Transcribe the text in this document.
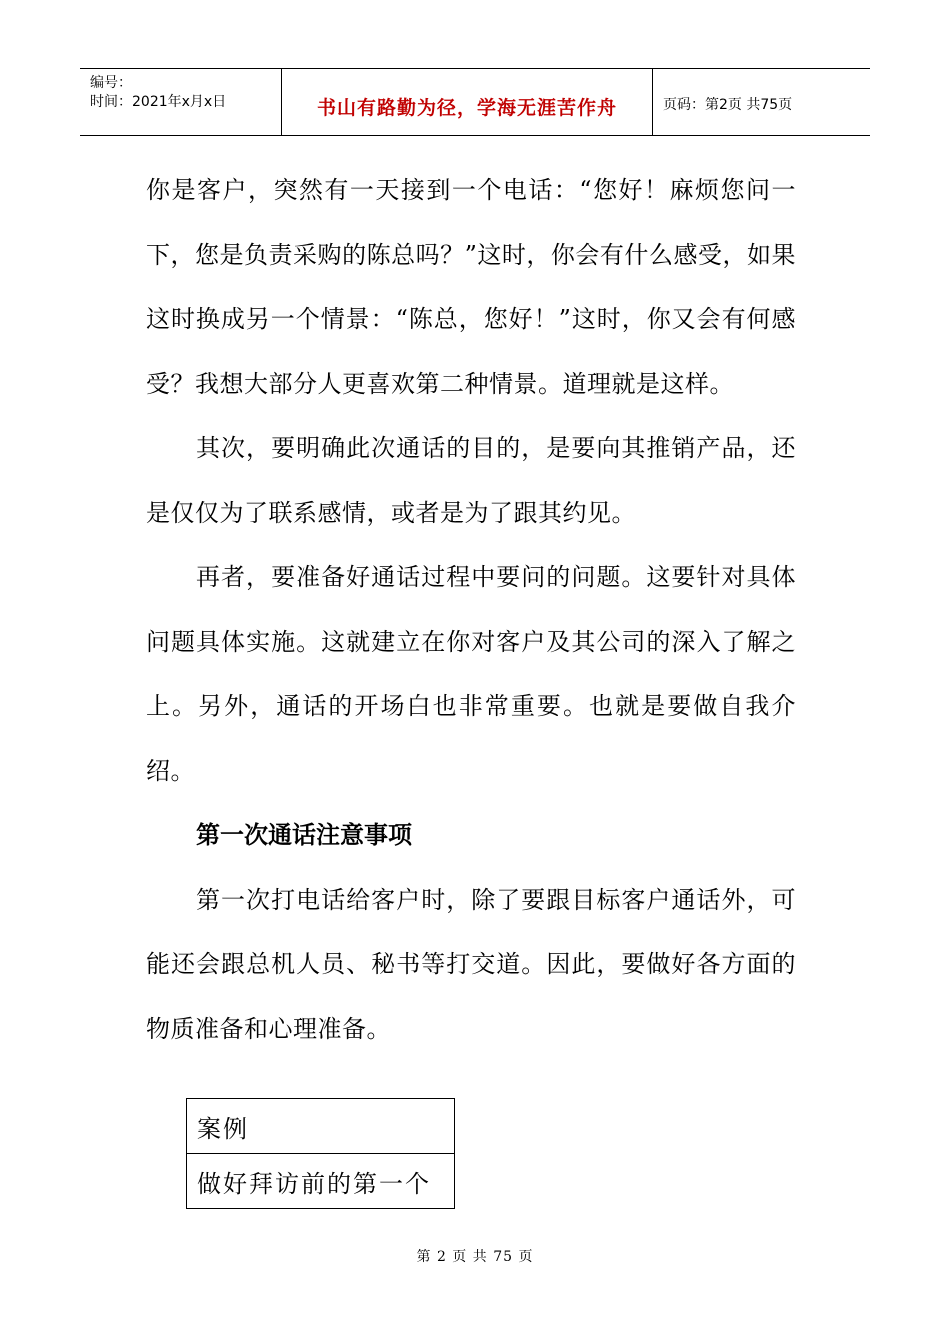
编号：
时间：2021年x月x日	书山有路勤为径，学海无涯苦作舟	页码：第2页 共75页

你是客户，突然有一天接到一个电话：“您好！麻烦您问一下，您是负责采购的陈总吗？”这时，你会有什么感受，如果这时换成另一个情景：“陈总，您好！”这时，你又会有何感受？我想大部分人更喜欢第二种情景。道理就是这样。

其次，要明确此次通话的目的，是要向其推销产品，还是仅仅为了联系感情，或者是为了跟其约见。

再者，要准备好通话过程中要问的问题。这要针对具体问题具体实施。这就建立在你对客户及其公司的深入了解之上。另外，通话的开场白也非常重要。也就是要做自我介绍。

第一次通话注意事项

第一次打电话给客户时，除了要跟目标客户通话外，可能还会跟总机人员、秘书等打交道。因此，要做好各方面的物质准备和心理准备。

案例
做好拜访前的第一个
第 2 页 共 75 页
